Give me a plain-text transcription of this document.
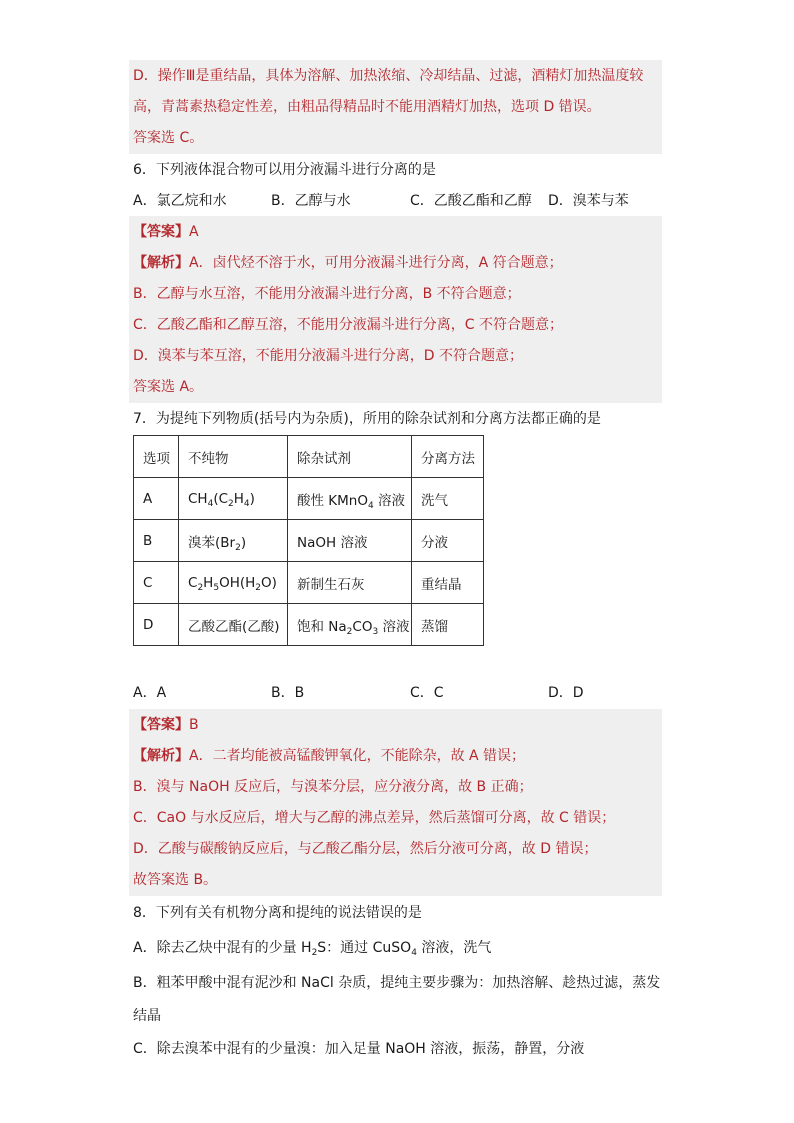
D．操作Ⅲ是重结晶，具体为溶解、加热浓缩、冷却结晶、过滤，酒精灯加热温度较
高，青蒿素热稳定性差，由粗品得精品时不能用酒精灯加热，选项 D 错误。
答案选 C。
6．下列液体混合物可以用分液漏斗进行分离的是
A．氯乙烷和水	B．乙醇与水	C．乙酸乙酯和乙醇 D．溴苯与苯
【答案】A
【解析】A．卤代烃不溶于水，可用分液漏斗进行分离，A 符合题意；
B．乙醇与水互溶，不能用分液漏斗进行分离，B 不符合题意；
C．乙酸乙酯和乙醇互溶，不能用分液漏斗进行分离，C 不符合题意；
D．溴苯与苯互溶，不能用分液漏斗进行分离，D 不符合题意；
答案选 A。
7．为提纯下列物质(括号内为杂质)，所用的除杂试剂和分离方法都正确的是
选项	不纯物	除杂试剂	分离方法
A	$CH_4(C_2H_4)$	酸性 KMnO$_4$ 溶液	洗气
B	溴苯$(Br_2)$	NaOH 溶液	分液
C	$C_2H_5OH(H_2O)$	新制生石灰	重结晶
D	乙酸乙酯(乙酸)	饱和 $Na_2CO_3$ 溶液	蒸馏
A．A	B．B	C．C	D．D
【答案】B
【解析】A．二者均能被高锰酸钾氧化，不能除杂，故 A 错误；
B．溴与 NaOH 反应后，与溴苯分层，应分液分离，故 B 正确；
C．CaO 与水反应后，增大与乙醇的沸点差异，然后蒸馏可分离，故 C 错误；
D．乙酸与碳酸钠反应后，与乙酸乙酯分层，然后分液可分离，故 D 错误；
故答案选 B。
8．下列有关有机物分离和提纯的说法错误的是
A．除去乙炔中混有的少量 $H_2S$：通过 CuSO$_4$ 溶液，洗气
B．粗苯甲酸中混有泥沙和 NaCl 杂质，提纯主要步骤为：加热溶解、趁热过滤，蒸发
结晶
C．除去溴苯中混有的少量溴：加入足量 NaOH 溶液，振荡，静置，分液
